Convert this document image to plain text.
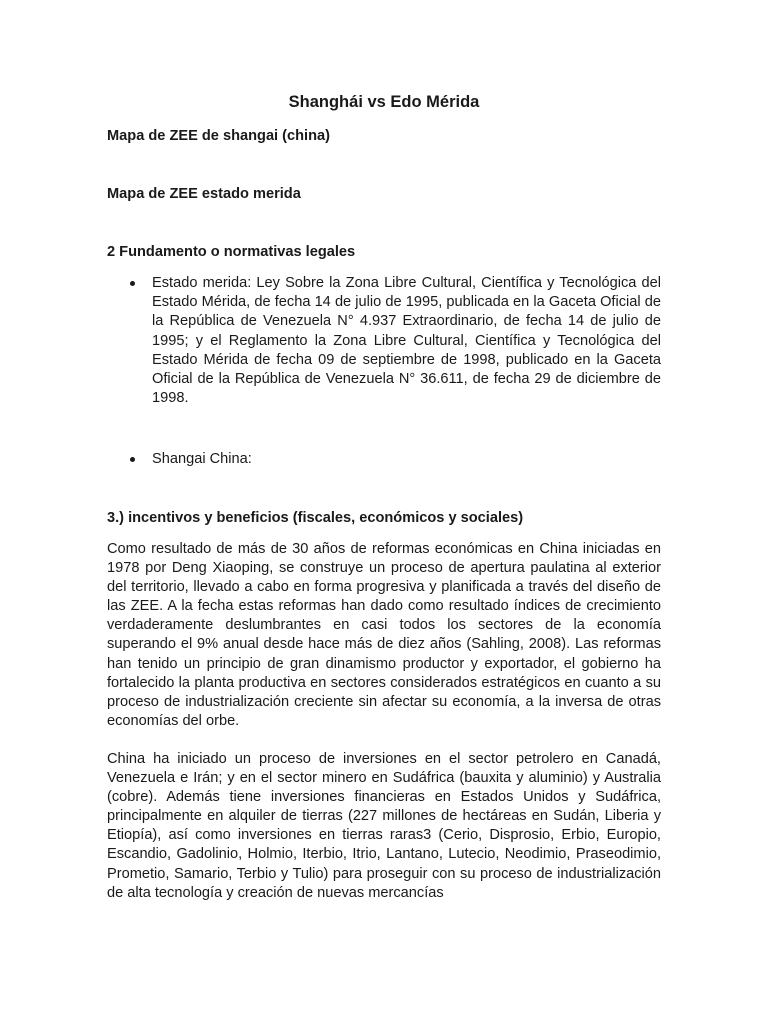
Shanghái vs Edo Mérida
Mapa de ZEE de shangai (china)
Mapa de ZEE estado merida
2 Fundamento o normativas legales
Estado merida: Ley Sobre la Zona Libre Cultural, Científica y Tecnológica del Estado Mérida, de fecha 14 de julio de 1995, publicada en la Gaceta Oficial de la República de Venezuela N° 4.937 Extraordinario, de fecha 14 de julio de 1995; y el Reglamento la Zona Libre Cultural, Científica y Tecnológica del Estado Mérida de fecha 09 de septiembre de 1998, publicado en la Gaceta Oficial de la República de Venezuela N° 36.611, de fecha 29 de diciembre de 1998.
Shangai China:
3.) incentivos y beneficios (fiscales, económicos y sociales)

Como resultado de más de 30 años de reformas económicas en China iniciadas en 1978 por Deng Xiaoping, se construye un proceso de apertura paulatina al exterior del territorio, llevado a cabo en forma progresiva y planificada a través del diseño de las ZEE. A la fecha estas reformas han dado como resultado índices de crecimiento verdaderamente deslumbrantes en casi todos los sectores de la economía superando el 9% anual desde hace más de diez años (Sahling, 2008). Las reformas han tenido un principio de gran dinamismo productor y exportador, el gobierno ha fortalecido la planta productiva en sectores considerados estratégicos en cuanto a su proceso de industrialización creciente sin afectar su economía, a la inversa de otras economías del orbe.

China ha iniciado un proceso de inversiones en el sector petrolero en Canadá, Venezuela e Irán; y en el sector minero en Sudáfrica (bauxita y aluminio) y Australia (cobre). Además tiene inversiones financieras en Estados Unidos y Sudáfrica, principalmente en alquiler de tierras (227 millones de hectáreas en Sudán, Liberia y Etiopía), así como inversiones en tierras raras3 (Cerio, Disprosio, Erbio, Europio, Escandio, Gadolinio, Holmio, Iterbio, Itrio, Lantano, Lutecio, Neodimio, Praseodimio, Prometio, Samario, Terbio y Tulio) para proseguir con su proceso de industrialización de alta tecnología y creación de nuevas mercancías
